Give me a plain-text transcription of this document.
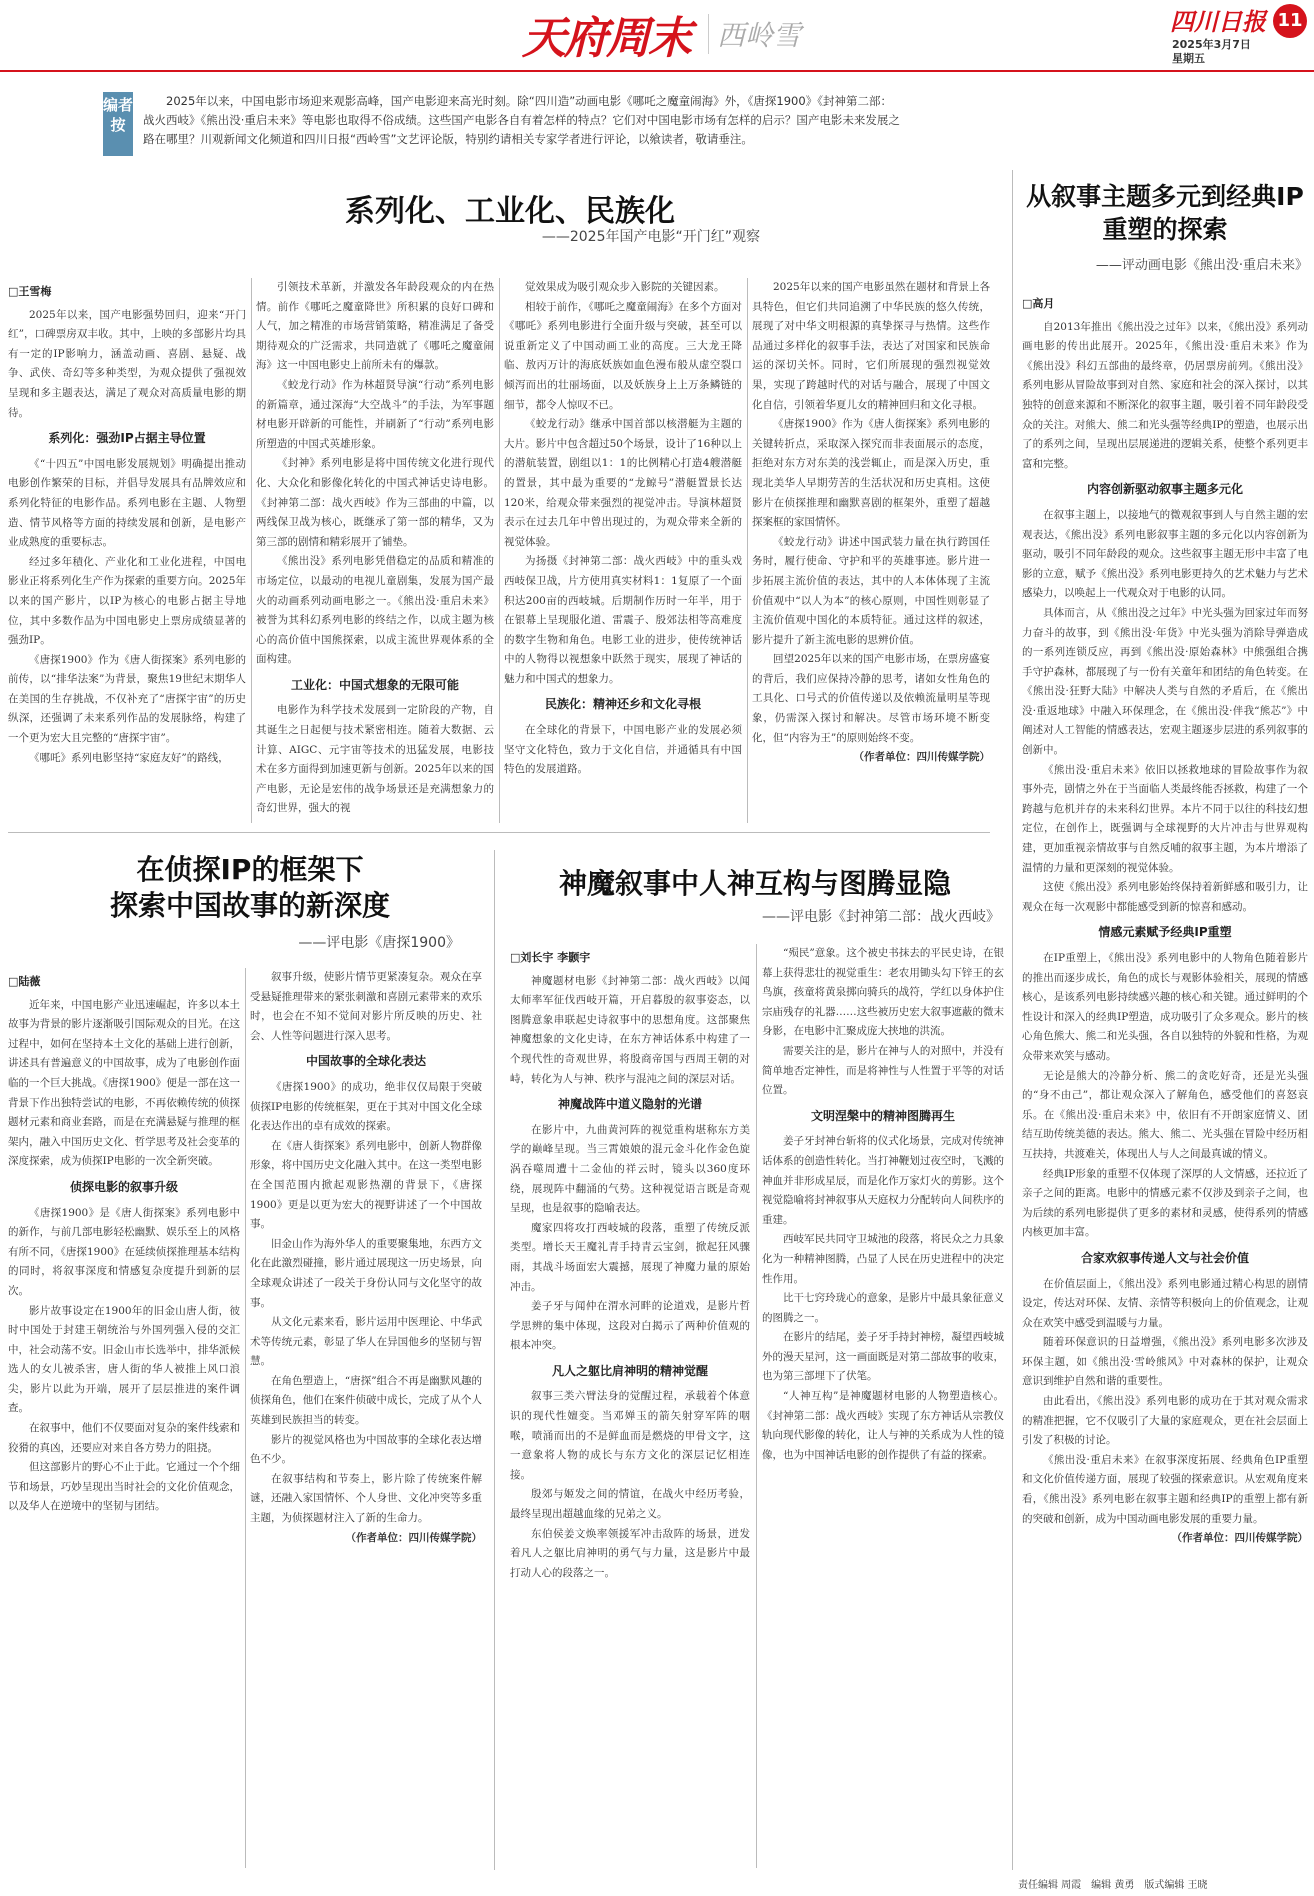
天府周末 西岭雪	四川日报
2025年3月7日
星期五
11
编者按
2025年以来，中国电影市场迎来观影高峰，国产电影迎来高光时刻。除“四川造”动画电影《哪吒之魔童闹海》外，《唐探1900》《封神第二部：战火西岐》《熊出没·重启未来》等电影也取得不俗成绩。这些国产电影各自有着怎样的特点？它们对中国电影市场有怎样的启示？国产电影未来发展之路在哪里？川观新闻文化频道和四川日报“西岭雪”文艺评论版，特别约请相关专家学者进行评论，以飨读者，敬请垂注。
系列化、工业化、民族化
——2025年国产电影“开门红”观察
□王雪梅

2025年以来，国产电影强势回归，迎来“开门红”，口碑票房双丰收。其中，上映的多部影片均具有一定的IP影响力，涵盖动画、喜剧、悬疑、战争、武侠、奇幻等多种类型，为观众提供了强视效呈现和多主题表达，满足了观众对高质量电影的期待。

系列化：强劲IP占据主导位置

《“十四五”中国电影发展规划》明确提出推动电影创作繁荣的目标，并倡导发展具有品牌效应和系列化特征的电影作品。系列电影在主题、人物塑造、情节风格等方面的持续发展和创新，是电影产业成熟度的重要标志。

经过多年積化、产业化和工业化进程，中国电影业正将系列化生产作为探索的重要方向。2025年以来的国产影片，以IP为核心的电影占据主导地位，其中多数作品为中国电影史上票房成绩显著的强劲IP。

《唐探1900》作为《唐人街探案》系列电影的前传，以“排华法案”为背景，聚焦19世纪末期华人在美国的生存挑战，不仅补充了“唐探宇宙”的历史纵深，还强调了未来系列作品的发展脉络，构建了一个更为宏大且完整的“唐探宇宙”。

《哪吒》系列电影坚持“家庭友好”的路线，

引领技术革新，并激发各年龄段观众的内在热情。前作《哪吒之魔童降世》所积累的良好口碑和人气，加之精准的市场营销策略，精准满足了备受期待观众的广泛需求，共同造就了《哪吒之魔童闹海》这一中国电影史上前所未有的爆款。

《蛟龙行动》作为林超贤导演“行动”系列电影的新篇章，通过深海“大空战斗”的手法，为军事题材电影开辟新的可能性，并刷新了“行动”系列电影所塑造的中国式英雄形象。

《封神》系列电影是将中国传统文化进行现代化、大众化和影像化转化的中国式神话史诗电影。《封神第二部：战火西岐》作为三部曲的中篇，以两线保卫战为核心，既继承了第一部的精华，又为第三部的剧情和精彩展开了铺垫。

《熊出没》系列电影凭借稳定的品质和精准的市场定位，以最动的电视儿童剧集，发展为国产最火的动画系列动画电影之一。《熊出没·重启未来》被誉为其科幻系列电影的终结之作，以成主题为核心的高价值中国熊探索，以成主流世界观体系的全面构建。

工业化：中国式想象的无限可能

电影作为科学技术发展到一定阶段的产物，自其诞生之日起便与技术紧密相连。随着大数据、云计算、AIGC、元宇宙等技术的迅猛发展，电影技术在多方面得到加速更新与创新。2025年以来的国产电影，无论是宏伟的战争场景还是充满想象力的奇幻世界，强大的视

觉效果成为吸引观众步入影院的关键因素。

相较于前作，《哪吒之魔童闹海》在多个方面对《哪吒》系列电影进行全面升级与突破，甚至可以说重新定义了中国动画工业的高度。三大龙王降临、敖丙万计的海底妖族如血色漫布般从虚空裂口倾泻而出的壮丽场面，以及妖族身上上万条鳞链的细节，都令人惊叹不已。

《蛟龙行动》继承中国首部以核潜艇为主题的大片。影片中包含超过50个场景，设计了16种以上的潜航装置，剧组以1：1的比例精心打造4艘潜艇的置景，其中最为重要的“龙鲸号”潜艇置景长达120米，给观众带来强烈的视觉冲击。导演林超贤表示在过去几年中曾出现过的，为观众带来全新的视觉体验。

为扬摄《封神第二部：战火西岐》中的重头戏西岐保卫战，片方使用真实材料1：1复原了一个面积达200亩的西岐城。后期制作历时一年半，用于在银幕上呈现服化道、雷震子、殷郊法相等高难度的数字生物和角色。电影工业的进步，使传统神话中的人物得以视想象中跃然于现实，展现了神话的魅力和中国式的想象力。

民族化：精神还乡和文化寻根

在全球化的背景下，中国电影产业的发展必须坚守文化特色，致力于文化自信，并通循具有中国特色的发展道路。

2025年以来的国产电影虽然在题材和背景上各具特色，但它们共同追溯了中华民族的悠久传统，展现了对中华文明根源的真挚探寻与热情。这些作品通过多样化的叙事手法，表达了对国家和民族命运的深切关怀。同时，它们所展现的强烈视觉效果，实现了跨越时代的对话与融合，展现了中国文化自信，引领着华夏儿女的精神回归和文化寻根。

《唐探1900》作为《唐人街探案》系列电影的关键转折点，采取深入探究而非表面展示的态度，拒绝对东方对东美的浅尝辄止，而是深入历史，重现北美华人早期劳苦的生活状况和历史真相。这使影片在侦探推理和幽默喜剧的框架外，重塑了超越探案框的家国情怀。

《蛟龙行动》讲述中国武装力量在执行跨国任务时，履行使命、守护和平的英雄事迹。影片进一步拓展主流价值的表达，其中的人本体体现了主流价值观中“以人为本”的核心原则，中国性则彰显了主流价值观中国化的本质特征。通过这样的叙述，影片提升了新主流电影的思辨价值。

回望2025年以来的国产电影市场，在票房盛宴的背后，我们应保持冷静的思考，诸如女性角色的工具化、口号式的价值传递以及依赖流量明星等现象，仍需深入探讨和解决。尽管市场环境不断变化，但“内容为王”的原则始终不变。

（作者单位：四川传媒学院）
从叙事主题多元到经典IP重塑的探索
——评动画电影《熊出没·重启未来》
□高月

自2013年推出《熊出没之过年》以来，《熊出没》系列动画电影的传出此展开。2025年，《熊出没·重启未来》作为《熊出没》科幻五部曲的最终章，仍居票房前列。《熊出没》系列电影从冒险故事到对自然、家庭和社会的深入探讨，以其独特的创意来源和不断深化的叙事主题，吸引着不同年龄段受众的关注。对熊大、熊二和光头强等经典IP的塑造，也展示出了的系列之间，呈现出层展递进的逻辑关系，使整个系列更丰富和完整。

内容创新驱动叙事主题多元化

在叙事主题上，以接地气的微观叙事到人与自然主题的宏观表达，《熊出没》系列电影叙事主题的多元化以内容创新为驱动，吸引不同年龄段的观众。这些叙事主题无形中丰富了电影的立意，赋予《熊出没》系列电影更持久的艺术魅力与艺术感染力，以唤起上一代观众对于电影的认同。

具体而言，从《熊出没之过年》中光头强为回家过年而努力奋斗的故事，到《熊出没·年货》中光头强为消除导弹造成的一系列连锁反应，再到《熊出没·原始森林》中熊强组合携手守护森林，都展现了与一份有关童年和团结的角色转变。在《熊出没·狂野大陆》中解决人类与自然的矛盾后，在《熊出没·重返地球》中融入环保理念，在《熊出没·伴我“熊芯”》中阐述对人工智能的情感表达，宏观主题逐步层进的系列叙事的创新中。

《熊出没·重启未来》依旧以拯救地球的冒险故事作为叙事外壳，剧情之外在于当面临人类最终能否拯救，构建了一个跨越与危机并存的未来科幻世界。本片不同于以往的科技幻想定位，在创作上，既强调与全球视野的大片冲击与世界观构建，更加重视亲情故事与自然反哺的叙事主题，为本片增添了温情的力量和更深刻的视觉体验。

这使《熊出没》系列电影始终保持着新鲜感和吸引力，让观众在每一次观影中都能感受到新的惊喜和感动。

情感元素赋予经典IP重塑

在IP重塑上，《熊出没》系列电影中的人物角色随着影片的推出而逐步成长，角色的成长与观影体验相关，展现的情感核心，是该系列电影持续感兴趣的核心和关键。通过鲜明的个性设计和深入的经典IP塑造，成功吸引了众多观众。影片的核心角色熊大、熊二和光头强，各自以独特的外貌和性格，为观众带来欢笑与感动。

无论是熊大的冷静分析、熊二的贪吃好奇，还是光头强的“身不由己”，都让观众深入了解角色，感受他们的喜怒哀乐。在《熊出没·重启未来》中，依旧有不开朗家庭情义、团结互助传统美德的表达。熊大、熊二、光头强在冒险中经历相互扶持，共渡难关，体现出人与人之间最真诚的情义。

经典IP形象的重塑不仅体现了深厚的人文情感，还拉近了亲子之间的距离。电影中的情感元素不仅涉及到亲子之间，也为后续的系列电影提供了更多的素材和灵感，使得系列的情感内核更加丰富。

合家欢叙事传递人文与社会价值

在价值层面上，《熊出没》系列电影通过精心构思的剧情设定，传达对环保、友情、亲情等积极向上的价值观念，让观众在欢笑中感受到温暖与力量。

随着环保意识的日益增强，《熊出没》系列电影多次涉及环保主题，如《熊出没·雪岭熊风》中对森林的保护，让观众意识到维护自然和谐的重要性。

由此看出，《熊出没》系列电影的成功在于其对观众需求的精准把握，它不仅吸引了大量的家庭观众，更在社会层面上引发了积极的讨论。

《熊出没·重启未来》在叙事深度拓展、经典角色IP重塑和文化价值传递方面，展现了较强的探索意识。从宏观角度来看，《熊出没》系列电影在叙事主题和经典IP的重塑上都有新的突破和创新，成为中国动画电影发展的重要力量。

（作者单位：四川传媒学院）
在侦探IP的框架下
探索中国故事的新深度
——评电影《唐探1900》
□陆薇

近年来，中国电影产业迅速崛起，许多以本土故事为背景的影片逐渐吸引国际观众的目光。在这过程中，如何在坚持本土文化的基础上进行创新，讲述具有普遍意义的中国故事，成为了电影创作面临的一个巨大挑战。《唐探1900》便是一部在这一背景下作出独特尝试的电影，不再依赖传统的侦探题材元素和商业套路，而是在充满悬疑与推理的框架内，融入中国历史文化、哲学思考及社会变革的深度探索，成为侦探IP电影的一次全新突破。

侦探电影的叙事升级

《唐探1900》是《唐人街探案》系列电影中的新作，与前几部电影轻松幽默、娱乐至上的风格有所不同，《唐探1900》在延续侦探推理基本结构的同时，将叙事深度和情感复杂度提升到新的层次。

影片故事设定在1900年的旧金山唐人街，彼时中国处于封建王朝统治与外国列强入侵的交汇中，社会动荡不安。旧金山市长选举中，排华派候选人的女儿被杀害，唐人街的华人被推上风口浪尖，影片以此为开端，展开了层层推进的案件调查。

在叙事中，他们不仅要面对复杂的案件线索和狡猾的真凶，还要应对来自各方势力的阻挠。

但这部影片的野心不止于此。它通过一个个细节和场景，巧妙呈现出当时社会的文化价值观念，以及华人在逆境中的坚韧与团结。

叙事升级，使影片情节更紧凑复杂。观众在享受悬疑推理带来的紧张刺激和喜剧元素带来的欢乐时，也会在不知不觉间对影片所反映的历史、社会、人性等问题进行深入思考。

中国故事的全球化表达

《唐探1900》的成功，绝非仅仅局限于突破侦探IP电影的传统框架，更在于其对中国文化全球化表达作出的卓有成效的探索。

在《唐人街探案》系列电影中，创新人物群像形象，将中国历史文化融入其中。在这一类型电影在全国范围内掀起观影热潮的背景下，《唐探1900》更是以更为宏大的视野讲述了一个中国故事。

旧金山作为海外华人的重要聚集地，东西方文化在此激烈碰撞，影片通过展现这一历史场景，向全球观众讲述了一段关于身份认同与文化坚守的故事。

从文化元素来看，影片运用中医理论、中华武术等传统元素，彰显了华人在异国他乡的坚韧与智慧。

在角色塑造上，“唐探”组合不再是幽默风趣的侦探角色，他们在案件侦破中成长，完成了从个人英雄到民族担当的转变。

影片的视觉风格也为中国故事的全球化表达增色不少。

在叙事结构和节奏上，影片除了传统案件解谜，还融入家国情怀、个人身世、文化冲突等多重主题，为侦探题材注入了新的生命力。

（作者单位：四川传媒学院）
神魔叙事中人神互构与图腾显隐
——评电影《封神第二部：战火西岐》
□刘长宇 李颢宇

神魔题材电影《封神第二部：战火西岐》以闻太师率军征伐西岐开篇，开启暮殷的叙事姿态，以图腾意象串联起史诗叙事中的思想角度。这部聚焦神魔想象的文化史诗，在东方神话体系中构建了一个现代性的奇观世界，将殷商帝国与西周王朝的对峙，转化为人与神、秩序与混沌之间的深层对话。

神魔战阵中道义隐射的光谱

在影片中，九曲黄河阵的视觉重构堪称东方美学的巅峰呈现。当三霄娘娘的混元金斗化作金色旋涡吞噬周遭十二金仙的祥云时，镜头以360度环绕，展现阵中翻涌的气势。这种视觉语言既是奇观呈现，也是叙事的隐喻表达。

魔家四将攻打西岐城的段落，重塑了传统反派类型。增长天王魔礼青手持青云宝剑，掀起狂风骤雨，其战斗场面宏大震撼，展现了神魔力量的原始冲击。

姜子牙与闻仲在渭水河畔的论道戏，是影片哲学思辨的集中体现，这段对白揭示了两种价值观的根本冲突。

凡人之躯比肩神明的精神觉醒

叙事三类六臂法身的觉醒过程，承载着个体意识的现代性嬗变。当邓婵玉的箭矢射穿军阵的咽喉，喷涌而出的不是鲜血而是燃烧的甲骨文字，这一意象将人物的成长与东方文化的深层记忆相连接。

殷郊与姬发之间的情谊，在战火中经历考验，最终呈现出超越血缘的兄弟之义。

东伯侯姜文焕率领援军冲击敌阵的场景，迸发着凡人之躯比肩神明的勇气与力量，这是影片中最打动人心的段落之一。

“殒民”意象。这个被史书抹去的平民史诗，在银幕上获得悲壮的视觉重生：老农用锄头勾下锌王的玄鸟旗，孩童将黄泉掷向骑兵的战符，学红以身体护住宗庙残存的礼器……这些被历史宏大叙事遮蔽的微末身影，在电影中汇聚成庞大挟地的洪流。

需要关注的是，影片在神与人的对照中，并没有简单地否定神性，而是将神性与人性置于平等的对话位置。

文明涅槃中的精神图腾再生

姜子牙封神台斩将的仪式化场景，完成对传统神话体系的创造性转化。当打神鞭划过夜空时，飞溅的神血并非形成星辰，而是化作万家灯火的剪影。这个视觉隐喻将封神叙事从天庭权力分配转向人间秩序的重建。

西岐军民共同守卫城池的段落，将民众之力具象化为一种精神图腾，凸显了人民在历史进程中的决定性作用。

比干七窍玲珑心的意象，是影片中最具象征意义的图腾之一。

在影片的结尾，姜子牙手持封神榜，凝望西岐城外的漫天星河，这一画面既是对第二部故事的收束，也为第三部埋下了伏笔。

“人神互构”是神魔题材电影的人物塑造核心。《封神第二部：战火西岐》实现了东方神话从宗教仪轨向现代影像的转化，让人与神的关系成为人性的镜像，也为中国神话电影的创作提供了有益的探索。

责任编辑 周霞　编辑 黄勇　版式编辑 王晓
